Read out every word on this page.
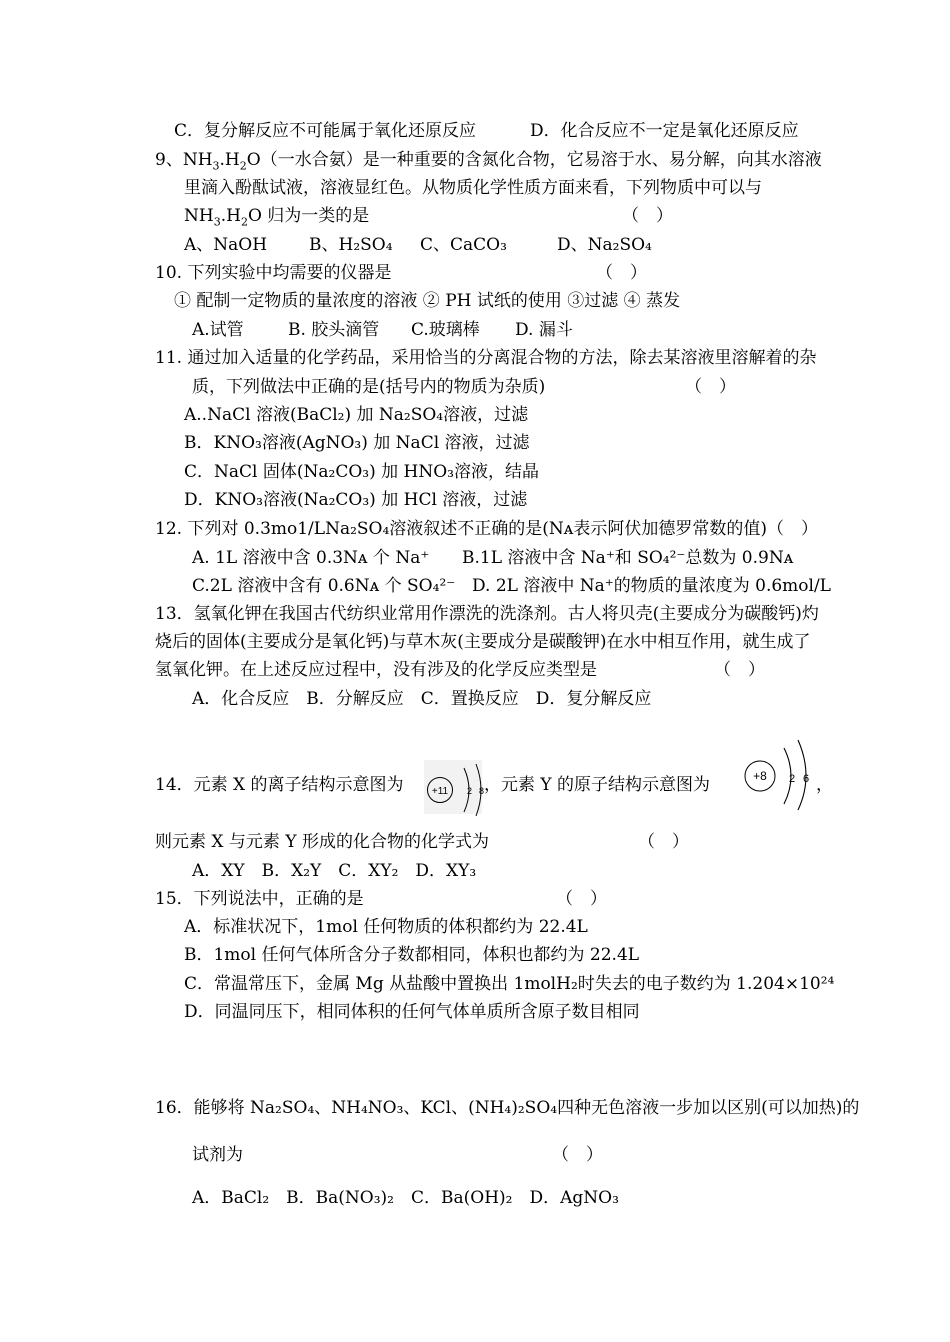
C．复分解反应不可能属于氧化还原反应	D．化合反应不一定是氧化还原反应
9、$NH_3.H_2O$（一水合氨）是一种重要的含氮化合物，它易溶于水、易分解，向其水溶液
里滴入酚酞试液，溶液显红色。从物质化学性质方面来看，下列物质中可以与
$NH_3.H_2O$ 归为一类的是	（　）
A、NaOH B、H₂SO₄ C、CaCO₃	D、Na₂SO₄
10. 下列实验中均需要的仪器是	（　）
① 配制一定物质的量浓度的溶液 ② PH 试纸的使用 ③过滤 ④ 蒸发
A.试管	B. 胶头滴管 C.玻璃棒 D. 漏斗
11. 通过加入适量的化学药品，采用恰当的分离混合物的方法，除去某溶液里溶解着的杂
质，下列做法中正确的是(括号内的物质为杂质)	（　）
A..NaCl 溶液(BaCl₂) 加 Na₂SO₄溶液，过滤
B．KNO₃溶液(AgNO₃) 加 NaCl 溶液，过滤
C．NaCl 固体(Na₂CO₃) 加 HNO₃溶液，结晶
D．KNO₃溶液(Na₂CO₃) 加 HCl 溶液，过滤
12. 下列对 0.3mo1/LNa₂SO₄溶液叙述不正确的是(Nᴀ表示阿伏加德罗常数的值)（　）
A. 1L 溶液中含 0.3Nᴀ 个 Na⁺ B.1L 溶液中含 Na⁺和 SO₄²⁻总数为 0.9Nᴀ
C.2L 溶液中含有 0.6Nᴀ 个 SO₄²⁻ D. 2L 溶液中 Na⁺的物质的量浓度为 0.6mol/L
13．氢氧化钾在我国古代纺织业常用作漂洗的洗涤剂。古人将贝壳(主要成分为碳酸钙)灼
烧后的固体(主要成分是氧化钙)与草木灰(主要成分是碳酸钾)在水中相互作用，就生成了
氢氧化钾。在上述反应过程中，没有涉及的化学反应类型是	（　）
A．化合反应　B．分解反应　C．置换反应　D．复分解反应
14．元素 X 的离子结构示意图为	+11 2 8 ，元素 Y 的原子结构示意图为	+8 2 6 ，
则元素 X 与元素 Y 形成的化合物的化学式为	（　）
A．XY　B．X₂Y　C．XY₂　D．XY₃
15．下列说法中，正确的是	（　）
A．标准状况下，1mol 任何物质的体积都约为 22.4L
B．1mol 任何气体所含分子数都相同，体积也都约为 22.4L
C．常温常压下，金属 Mg 从盐酸中置换出 1molH₂时失去的电子数约为 1.204×10²⁴
D．同温同压下，相同体积的任何气体单质所含原子数目相同
16．能够将 Na₂SO₄、NH₄NO₃、KCl、(NH₄)₂SO₄四种无色溶液一步加以区别(可以加热)的
试剂为	（　）
A．BaCl₂　B．Ba(NO₃)₂　C．Ba(OH)₂　D．AgNO₃
